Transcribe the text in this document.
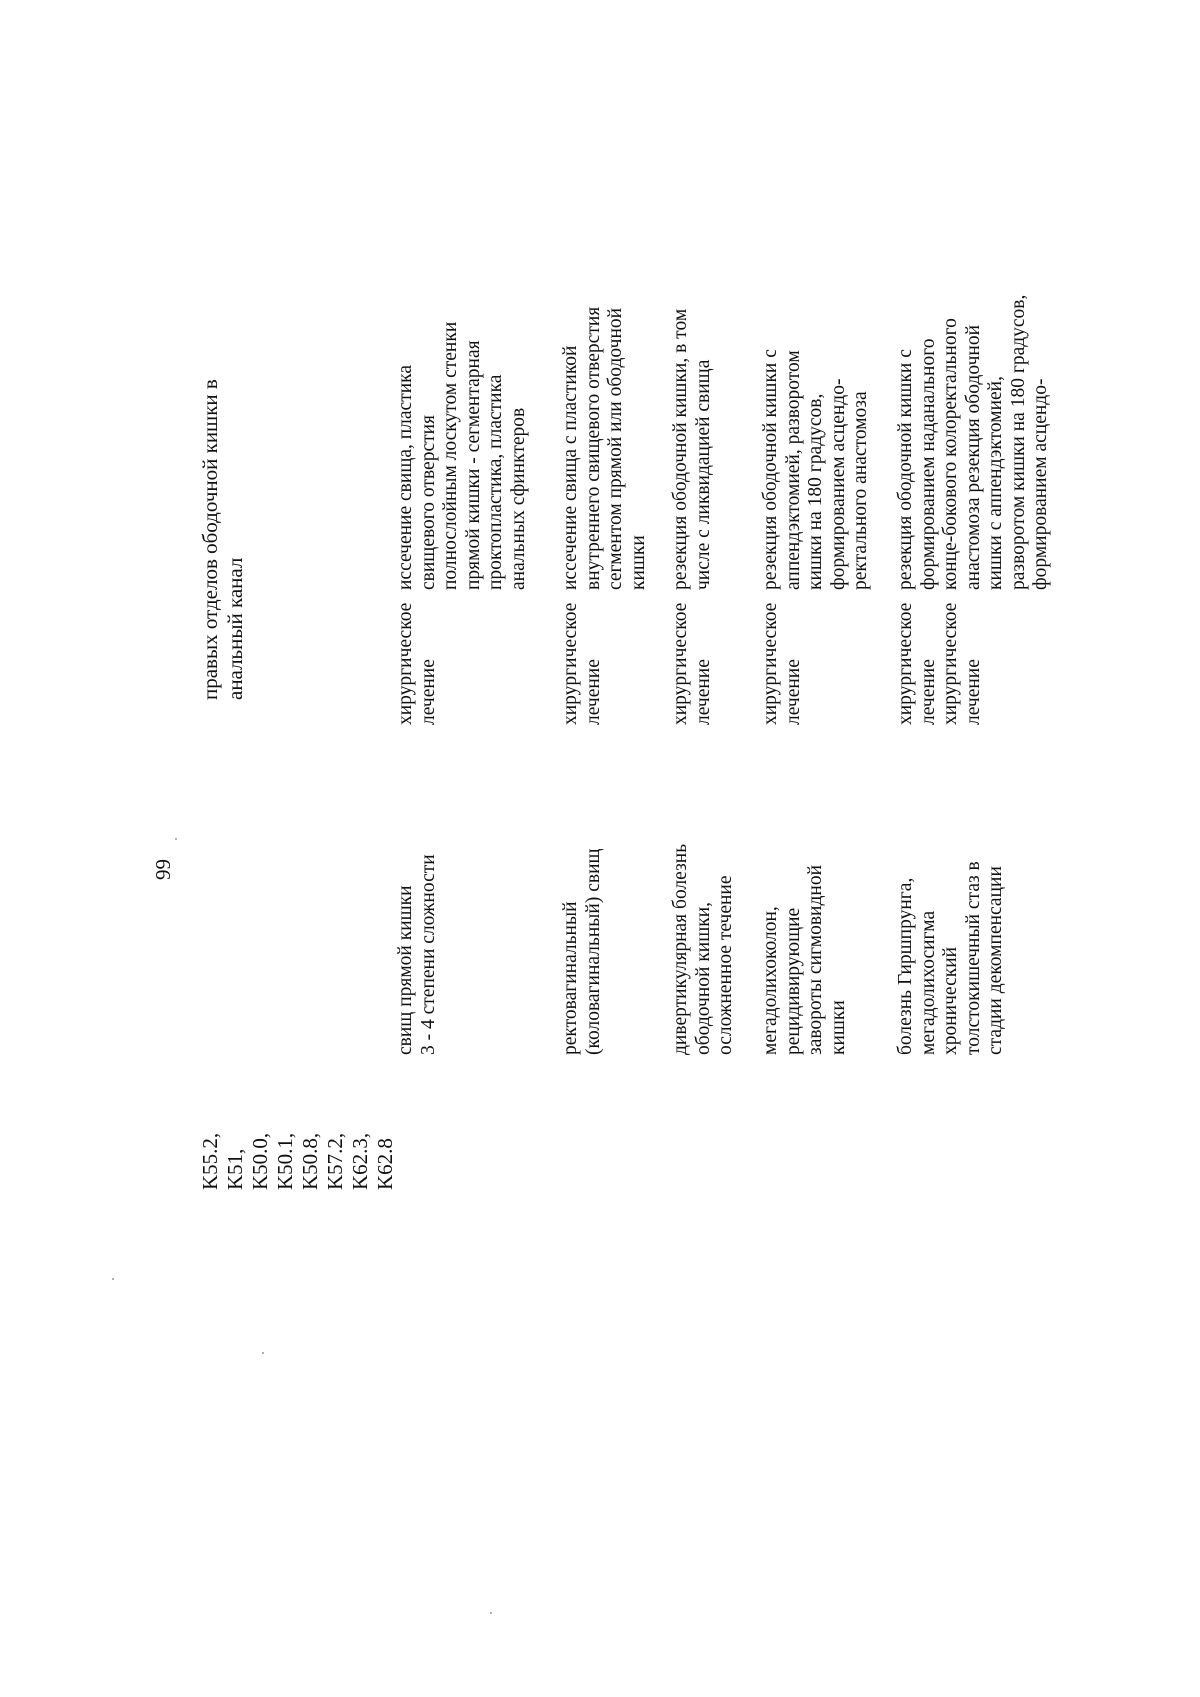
99
K55.2, K51, K50.0, K50.1, K50.8, K57.2, K62.3, K62.8
правых отделов ободочной кишки в анальный канал
свищ прямой кишки 3 - 4 степени сложности
хирургическое лечение
иссечение свища, пластика свищевого отверстия полнослойным лоскутом стенки прямой кишки - сегментарная проктопластика, пластика анальных сфинктеров
ректовагинальный (коловагинальный) свищ
хирургическое лечение
иссечение свища с пластикой внутреннего свищевого отверстия сегментом прямой или ободочной кишки
дивертикулярная болезнь ободочной кишки, осложненное течение
хирургическое лечение
резекция ободочной кишки, в том числе с ликвидацией свища
мегадолихоколон, рецидивирующие завороты сигмовидной кишки
хирургическое лечение
резекция ободочной кишки с аппендэктомией, разворотом кишки на 180 градусов, формированием асцендо- ректального анастомоза
болезнь Гиршпрунга, мегадолихосигма хронический толстокишечный стаз в стадии декомпенсации
хирургическое лечение хирургическое лечение
резекция ободочной кишки с формированием наданального конце-бокового колоректального анастомоза резекция ободочной кишки с аппендэктомией, разворотом кишки на 180 градусов, формированием асцендо-
